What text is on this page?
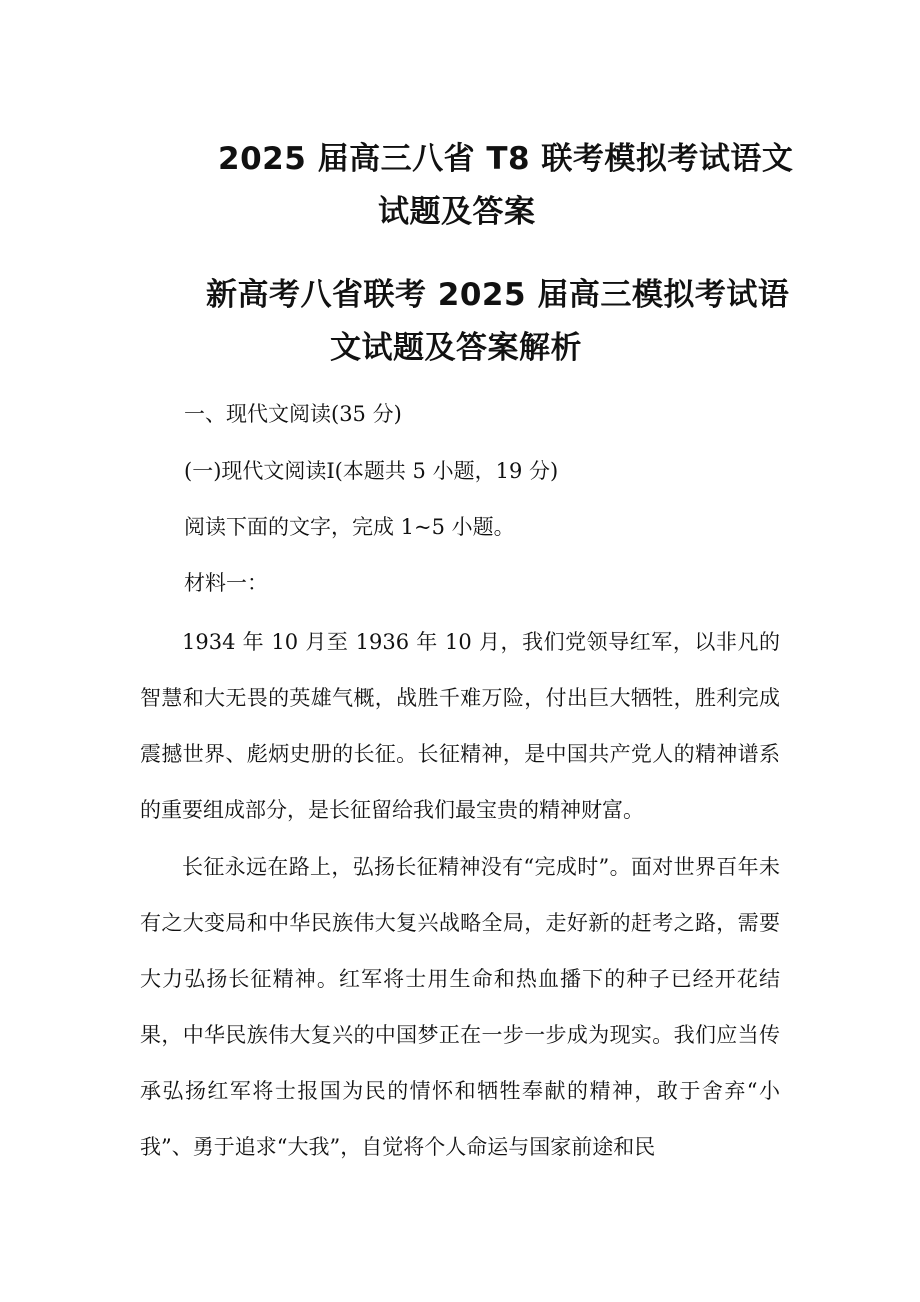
2025 届高三八省 T8 联考模拟考试语文
试题及答案
新高考八省联考 2025 届高三模拟考试语
文试题及答案解析
一、现代文阅读(35 分)
(一)现代文阅读Ⅰ(本题共 5 小题，19 分)
阅读下面的文字，完成 1~5 小题。
材料一：
1934 年 10 月至 1936 年 10 月，我们党领导红军，以非凡的智慧和大无畏的英雄气概，战胜千难万险，付出巨大牺牲，胜利完成震撼世界、彪炳史册的长征。长征精神，是中国共产党人的精神谱系的重要组成部分，是长征留给我们最宝贵的精神财富。
长征永远在路上，弘扬长征精神没有“完成时”。面对世界百年未有之大变局和中华民族伟大复兴战略全局，走好新的赶考之路，需要大力弘扬长征精神。红军将士用生命和热血播下的种子已经开花结果，中华民族伟大复兴的中国梦正在一步一步成为现实。我们应当传承弘扬红军将士报国为民的情怀和牺牲奉献的精神，敢于舍弃“小我”、勇于追求“大我”，自觉将个人命运与国家前途和民
